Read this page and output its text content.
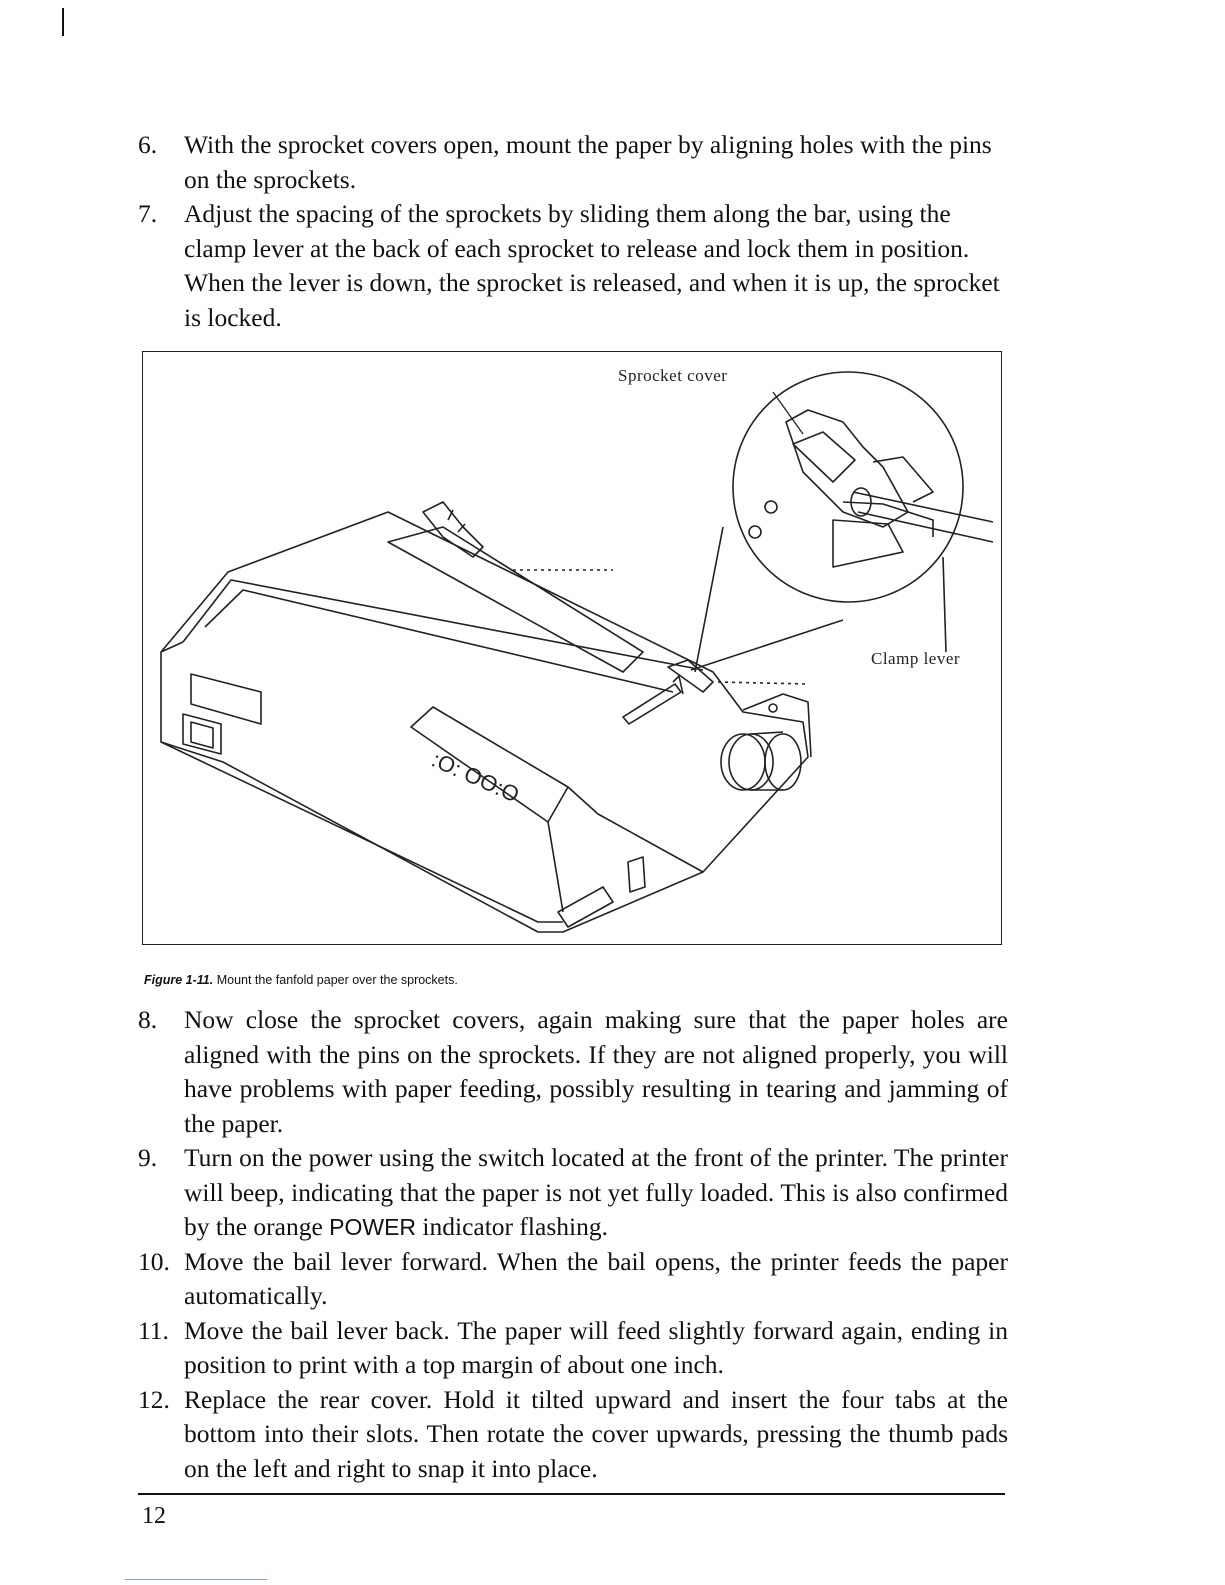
6. With the sprocket covers open, mount the paper by aligning holes with the pins on the sprockets.
7. Adjust the spacing of the sprockets by sliding them along the bar, using the clamp lever at the back of each sprocket to release and lock them in position. When the lever is down, the sprocket is released, and when it is up, the sprocket is locked.
:O: OO:O
Sprocket cover
Clamp lever
Figure 1-11. Mount the fanfold paper over the sprockets.
8. Now close the sprocket covers, again making sure that the paper holes are aligned with the pins on the sprockets. If they are not aligned properly, you will have problems with paper feeding, possibly resulting in tearing and jamming of the paper.
9. Turn on the power using the switch located at the front of the printer. The printer will beep, indicating that the paper is not yet fully loaded. This is also confirmed by the orange POWER indicator flashing.
10. Move the bail lever forward. When the bail opens, the printer feeds the paper automatically.
11. Move the bail lever back. The paper will feed slightly forward again, ending in position to print with a top margin of about one inch.
12. Replace the rear cover. Hold it tilted upward and insert the four tabs at the bottom into their slots. Then rotate the cover upwards, pressing the thumb pads on the left and right to snap it into place.
12
